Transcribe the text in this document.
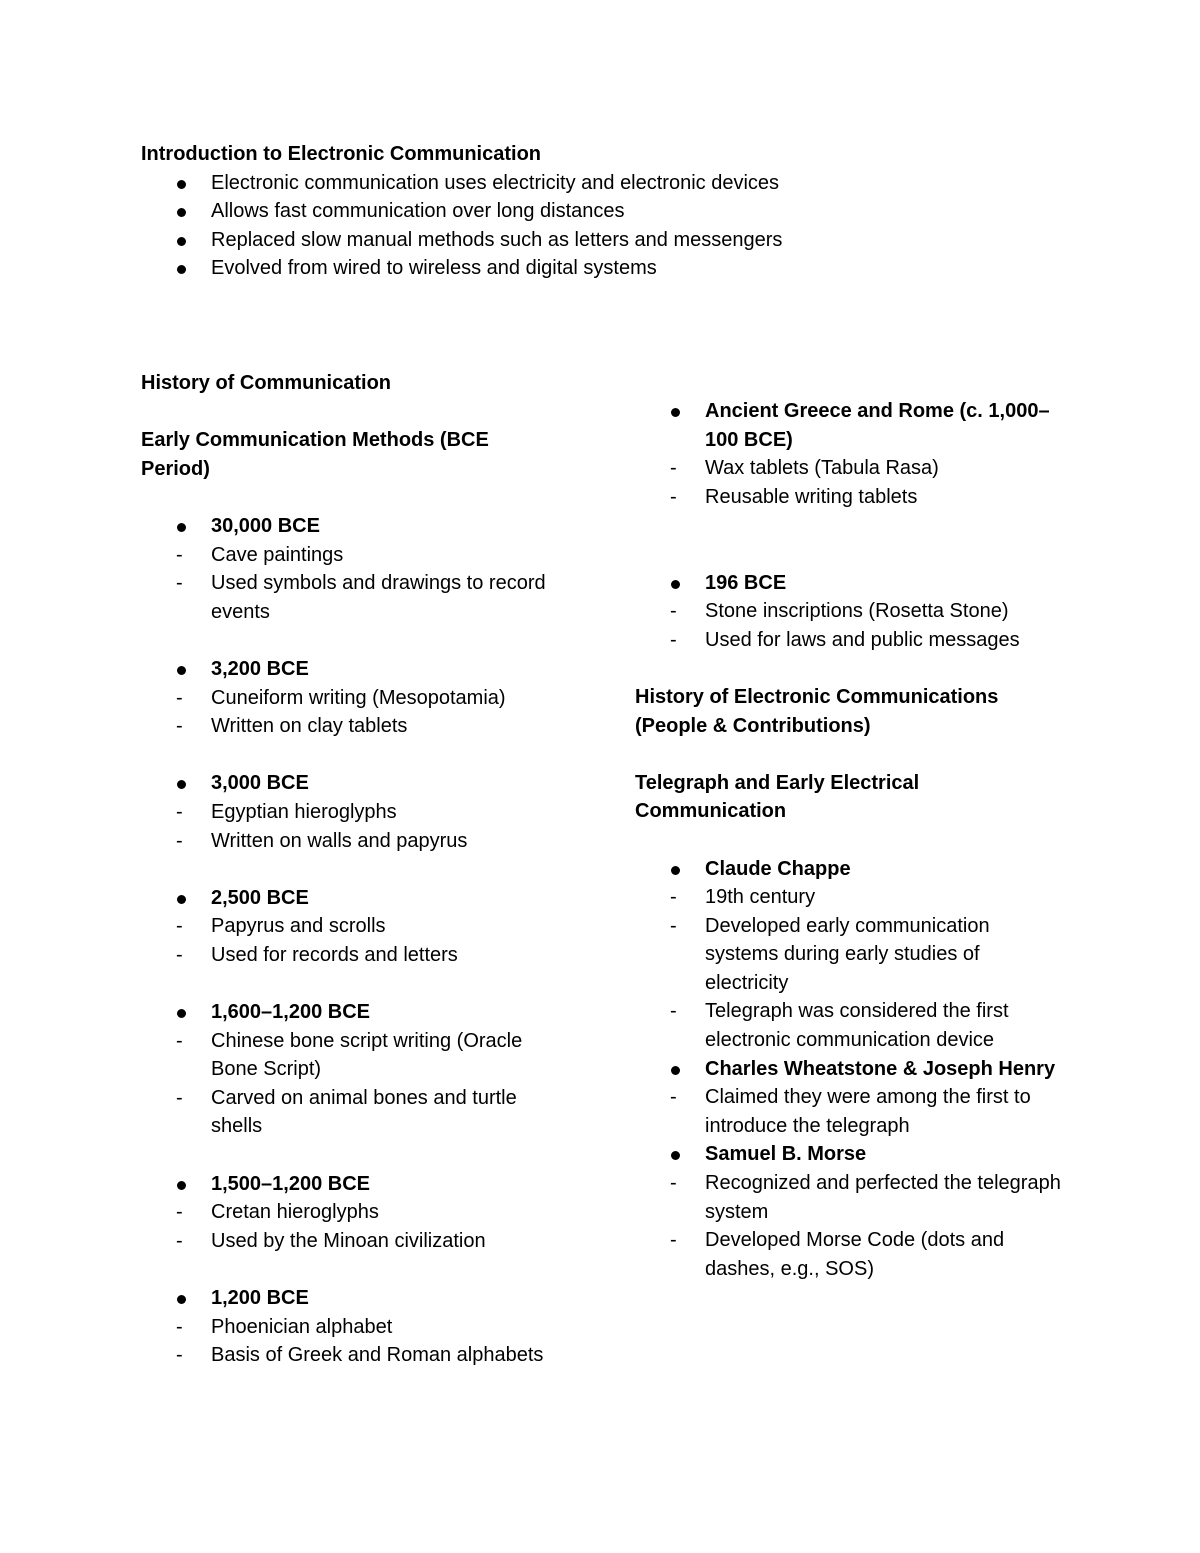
Introduction to Electronic Communication

Electronic communication uses electricity and electronic devices
Allows fast communication over long distances
Replaced slow manual methods such as letters and messengers
Evolved from wired to wireless and digital systems

History of Communication

Early Communication Methods (BCE Period)

30,000 BCE
- Cave paintings
- Used symbols and drawings to record events
3,200 BCE
- Cuneiform writing (Mesopotamia)
- Written on clay tablets
3,000 BCE
- Egyptian hieroglyphs
- Written on walls and papyrus
2,500 BCE
- Papyrus and scrolls
- Used for records and letters
1,600–1,200 BCE
- Chinese bone script writing (Oracle Bone Script)
- Carved on animal bones and turtle shells
1,500–1,200 BCE
- Cretan hieroglyphs
- Used by the Minoan civilization
1,200 BCE
- Phoenician alphabet
- Basis of Greek and Roman alphabets
Ancient Greece and Rome (c. 1,000–100 BCE)
- Wax tablets (Tabula Rasa)
- Reusable writing tablets
196 BCE
- Stone inscriptions (Rosetta Stone)
- Used for laws and public messages

History of Electronic Communications (People & Contributions)

Telegraph and Early Electrical Communication

Claude Chappe
- 19th century
- Developed early communication systems during early studies of electricity
- Telegraph was considered the first electronic communication device
Charles Wheatstone & Joseph Henry
- Claimed they were among the first to introduce the telegraph
Samuel B. Morse
- Recognized and perfected the telegraph system
- Developed Morse Code (dots and dashes, e.g., SOS)
